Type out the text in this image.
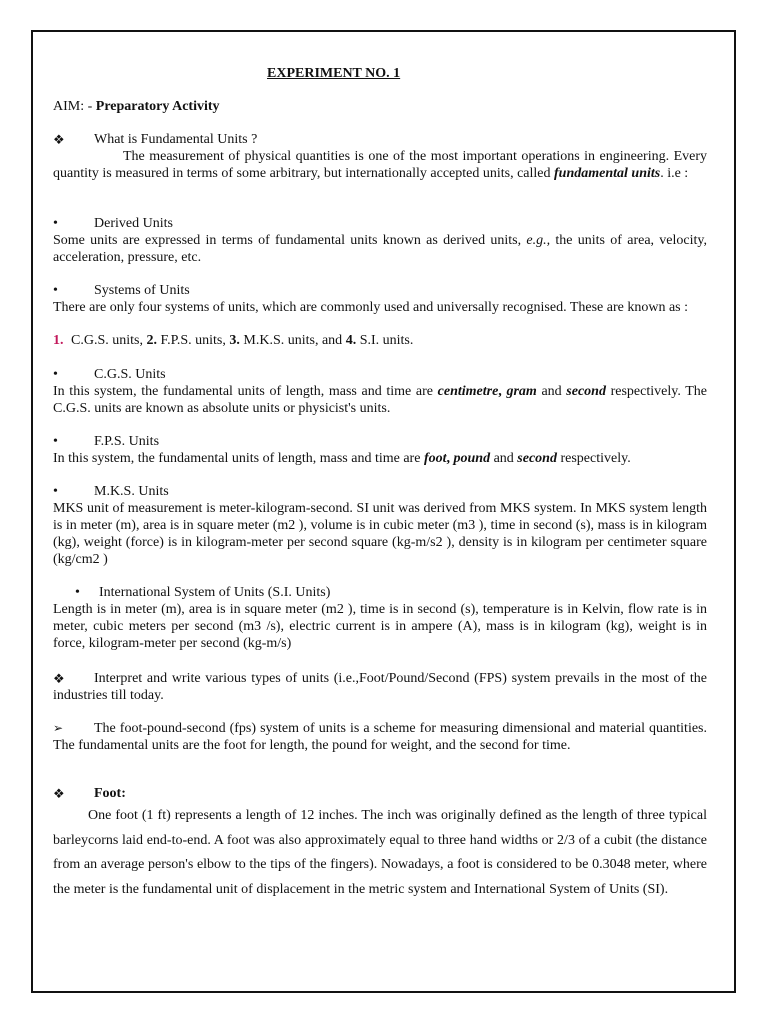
EXPERIMENT NO. 1
AIM: - Preparatory Activity
❖ What is Fundamental Units ?
The measurement of physical quantities is one of the most important operations in engineering. Every quantity is measured in terms of some arbitrary, but internationally accepted units, called fundamental units. i.e :
•	Derived Units
Some units are expressed in terms of fundamental units known as derived units, e.g., the units of area, velocity, acceleration, pressure, etc.
•	Systems of Units
There are only four systems of units, which are commonly used and universally recognised. These are known as :
1. C.G.S. units, 2. F.P.S. units, 3. M.K.S. units, and 4. S.I. units.
•	C.G.S. Units
In this system, the fundamental units of length, mass and time are centimetre, gram and second respectively. The C.G.S. units are known as absolute units or physicist's units.
•	F.P.S. Units
In this system, the fundamental units of length, mass and time are foot, pound and second respectively.
•	M.K.S. Units
MKS unit of measurement is meter-kilogram-second. SI unit was derived from MKS system. In MKS system length is in meter (m), area is in square meter (m2 ), volume is in cubic meter (m3 ), time in second (s), mass is in kilogram (kg), weight (force) is in kilogram-meter per second square (kg-m/s2 ), density is in kilogram per centimeter square (kg/cm2 )
• International System of Units (S.I. Units)
Length is in meter (m), area is in square meter (m2 ), time is in second (s), temperature is in Kelvin, flow rate is in meter, cubic meters per second (m3 /s), electric current is in ampere (A), mass is in kilogram (kg), weight is in force, kilogram-meter per second (kg-m/s)
❖ Interpret and write various types of units (i.e.,Foot/Pound/Second (FPS) system prevails in the most of the industries till today.
➢ The foot-pound-second (fps) system of units is a scheme for measuring dimensional and material quantities. The fundamental units are the foot for length, the pound for weight, and the second for time.
❖ Foot:
One foot (1 ft) represents a length of 12 inches. The inch was originally defined as the length of three typical barleycorns laid end-to-end. A foot was also approximately equal to three hand widths or 2/3 of a cubit (the distance from an average person's elbow to the tips of the fingers). Nowadays, a foot is considered to be 0.3048 meter, where the meter is the fundamental unit of displacement in the metric system and International System of Units (SI).
